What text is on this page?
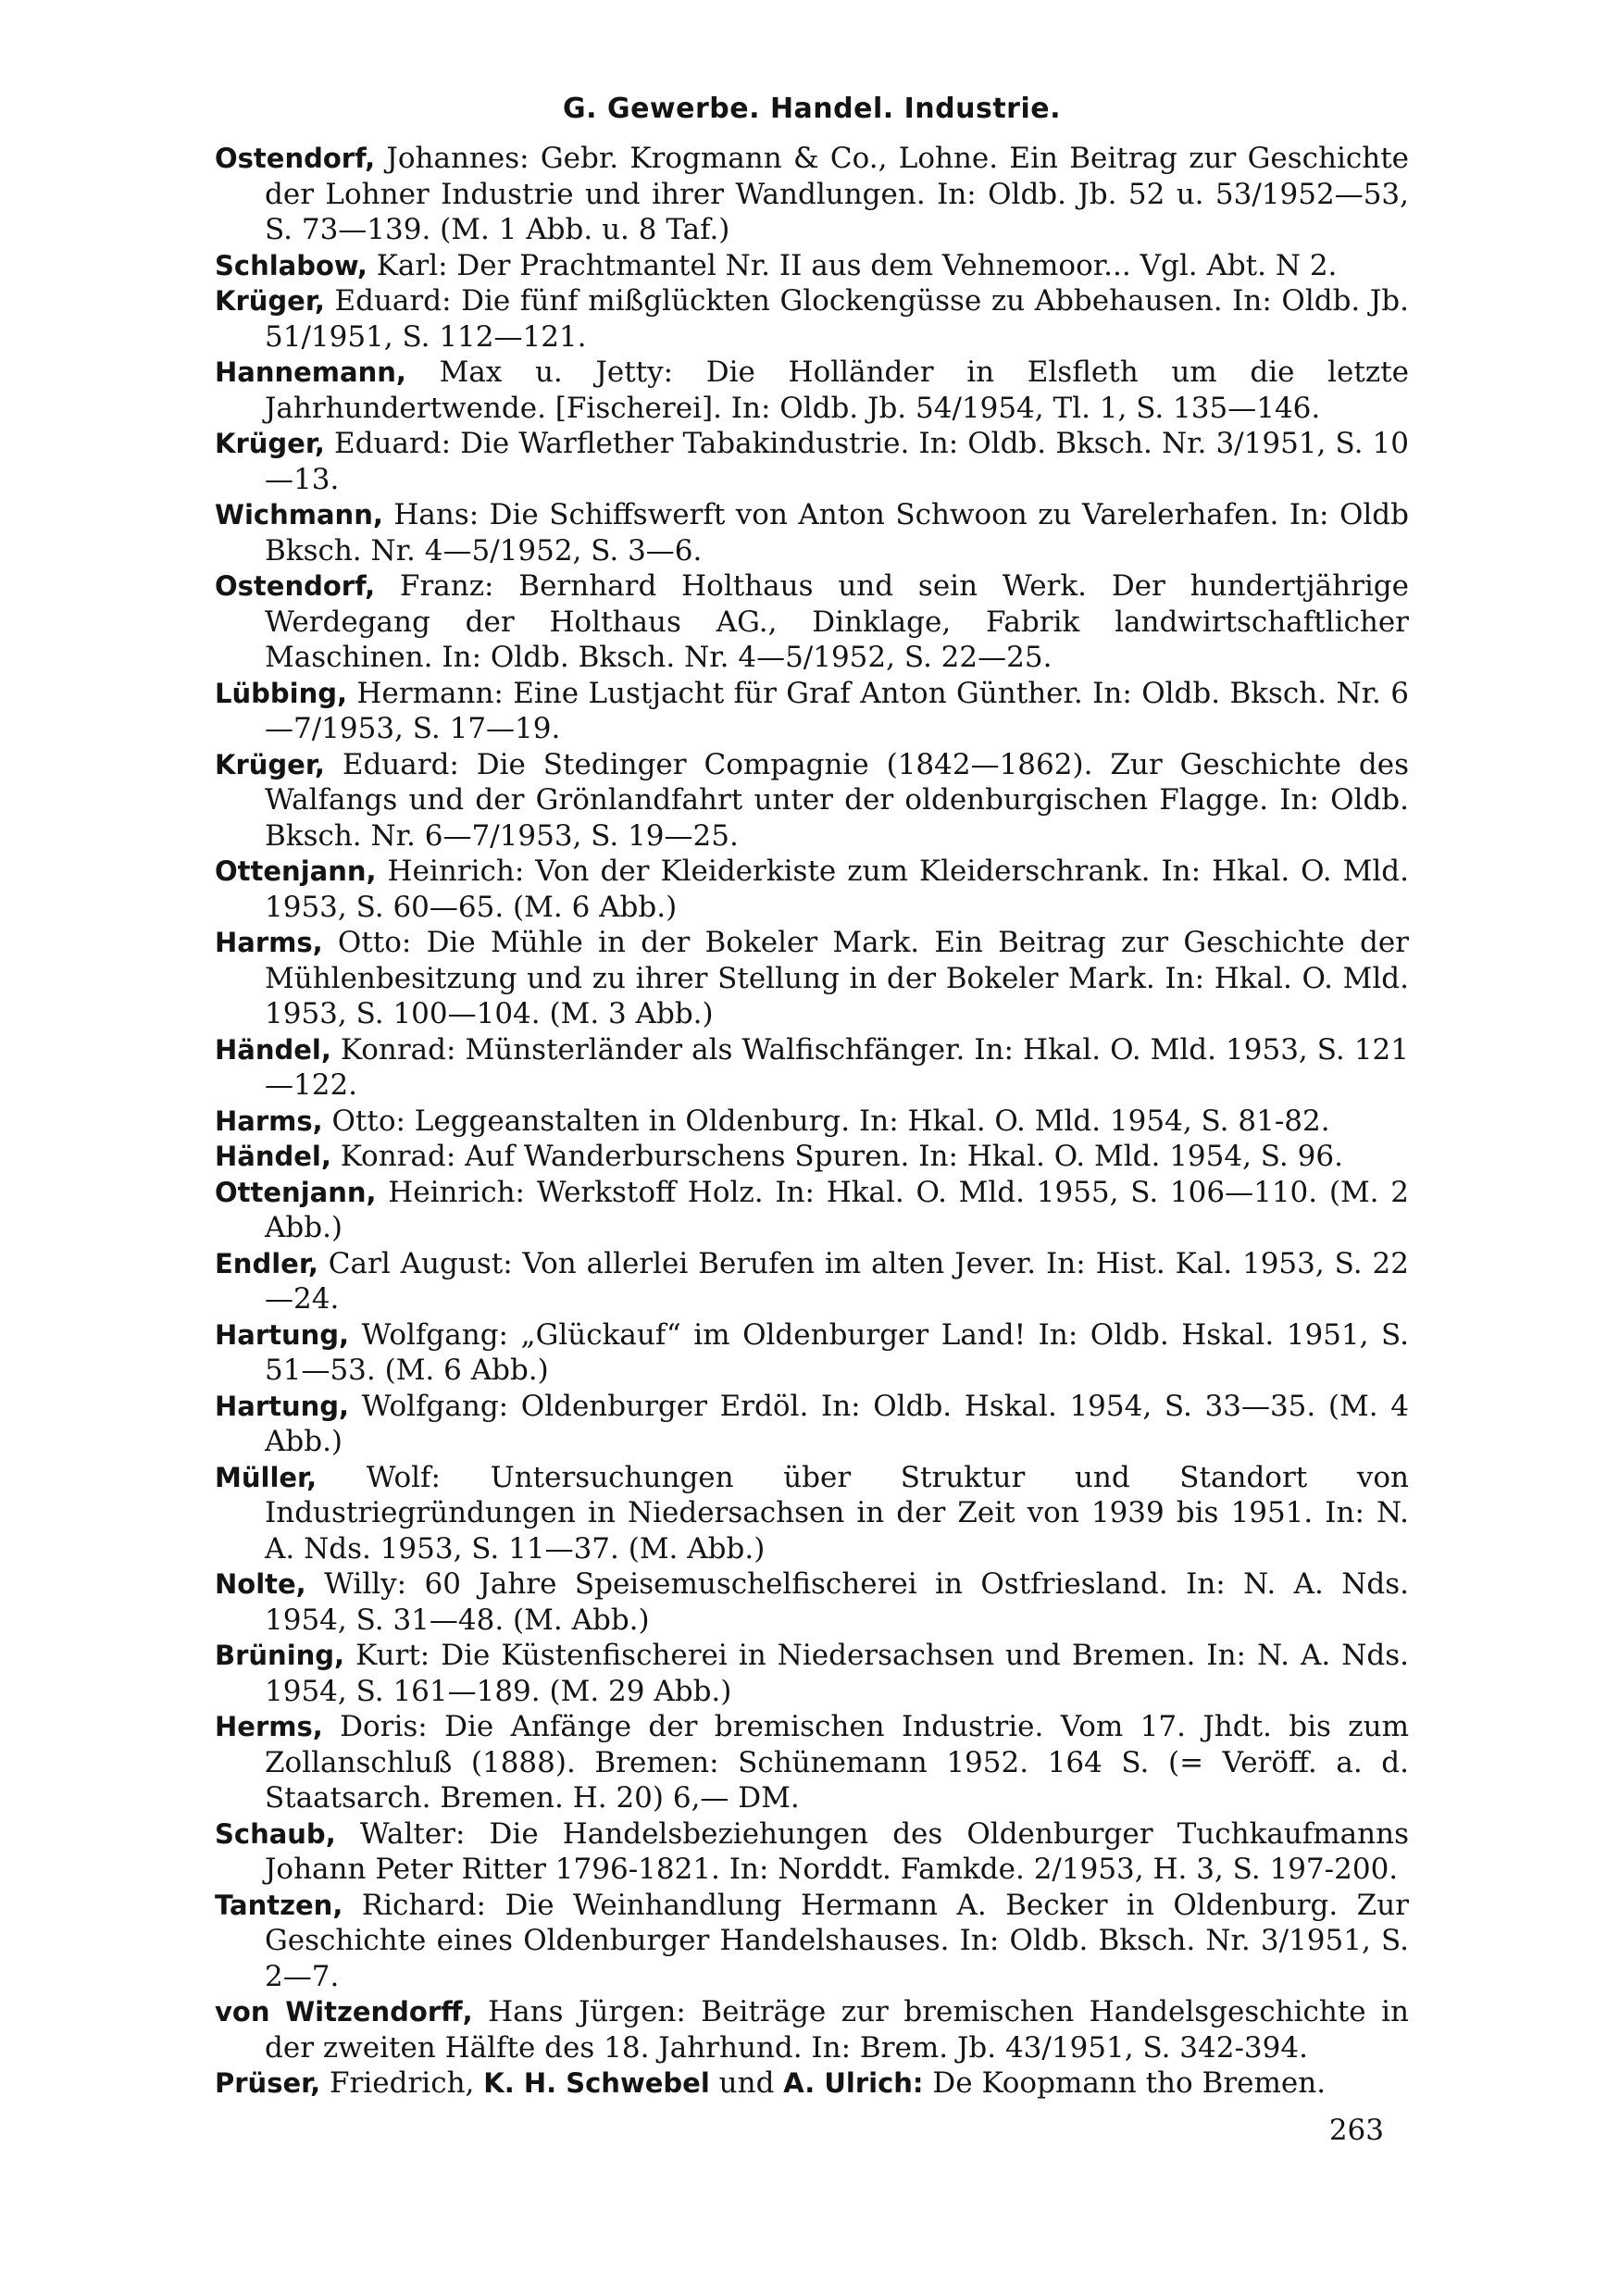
G. Gewerbe. Handel. Industrie.

Ostendorf, Johannes: Gebr. Krogmann & Co., Lohne. Ein Beitrag zur Geschichte der Lohner Industrie und ihrer Wandlungen. In: Oldb. Jb. 52 u. 53/1952—53, S. 73—139. (M. 1 Abb. u. 8 Taf.)

Schlabow, Karl: Der Prachtmantel Nr. II aus dem Vehnemoor... Vgl. Abt. N 2.

Krüger, Eduard: Die fünf mißglückten Glockengüsse zu Abbehausen. In: Oldb. Jb. 51/1951, S. 112—121.

Hannemann, Max u. Jetty: Die Holländer in Elsfleth um die letzte Jahrhundertwende. [Fischerei]. In: Oldb. Jb. 54/1954, Tl. 1, S. 135—146.

Krüger, Eduard: Die Warflether Tabakindustrie. In: Oldb. Bksch. Nr. 3/1951, S. 10—13.

Wichmann, Hans: Die Schiffswerft von Anton Schwoon zu Varelerhafen. In: Oldb Bksch. Nr. 4—5/1952, S. 3—6.

Ostendorf, Franz: Bernhard Holthaus und sein Werk. Der hundertjährige Werdegang der Holthaus AG., Dinklage, Fabrik landwirtschaftlicher Maschinen. In: Oldb. Bksch. Nr. 4—5/1952, S. 22—25.

Lübbing, Hermann: Eine Lustjacht für Graf Anton Günther. In: Oldb. Bksch. Nr. 6—7/1953, S. 17—19.

Krüger, Eduard: Die Stedinger Compagnie (1842—1862). Zur Geschichte des Walfangs und der Grönlandfahrt unter der oldenburgischen Flagge. In: Oldb. Bksch. Nr. 6—7/1953, S. 19—25.

Ottenjann, Heinrich: Von der Kleiderkiste zum Kleiderschrank. In: Hkal. O. Mld. 1953, S. 60—65. (M. 6 Abb.)

Harms, Otto: Die Mühle in der Bokeler Mark. Ein Beitrag zur Geschichte der Mühlenbesitzung und zu ihrer Stellung in der Bokeler Mark. In: Hkal. O. Mld. 1953, S. 100—104. (M. 3 Abb.)

Händel, Konrad: Münsterländer als Walfischfänger. In: Hkal. O. Mld. 1953, S. 121—122.

Harms, Otto: Leggeanstalten in Oldenburg. In: Hkal. O. Mld. 1954, S. 81-82.

Händel, Konrad: Auf Wanderburschens Spuren. In: Hkal. O. Mld. 1954, S. 96.

Ottenjann, Heinrich: Werkstoff Holz. In: Hkal. O. Mld. 1955, S. 106—110. (M. 2 Abb.)

Endler, Carl August: Von allerlei Berufen im alten Jever. In: Hist. Kal. 1953, S. 22—24.

Hartung, Wolfgang: „Glückauf“ im Oldenburger Land! In: Oldb. Hskal. 1951, S. 51—53. (M. 6 Abb.)

Hartung, Wolfgang: Oldenburger Erdöl. In: Oldb. Hskal. 1954, S. 33—35. (M. 4 Abb.)

Müller, Wolf: Untersuchungen über Struktur und Standort von Industriegründungen in Niedersachsen in der Zeit von 1939 bis 1951. In: N. A. Nds. 1953, S. 11—37. (M. Abb.)

Nolte, Willy: 60 Jahre Speisemuschelfischerei in Ostfriesland. In: N. A. Nds. 1954, S. 31—48. (M. Abb.)

Brüning, Kurt: Die Küstenfischerei in Niedersachsen und Bremen. In: N. A. Nds. 1954, S. 161—189. (M. 29 Abb.)

Herms, Doris: Die Anfänge der bremischen Industrie. Vom 17. Jhdt. bis zum Zollanschluß (1888). Bremen: Schünemann 1952. 164 S. (= Veröff. a. d. Staatsarch. Bremen. H. 20) 6,— DM.

Schaub, Walter: Die Handelsbeziehungen des Oldenburger Tuchkaufmanns Johann Peter Ritter 1796-1821. In: Norddt. Famkde. 2/1953, H. 3, S. 197-200.

Tantzen, Richard: Die Weinhandlung Hermann A. Becker in Oldenburg. Zur Geschichte eines Oldenburger Handelshauses. In: Oldb. Bksch. Nr. 3/1951, S. 2—7.

von Witzendorff, Hans Jürgen: Beiträge zur bremischen Handelsgeschichte in der zweiten Hälfte des 18. Jahrhund. In: Brem. Jb. 43/1951, S. 342-394.

Prüser, Friedrich, K. H. Schwebel und A. Ulrich: De Koopmann tho Bremen.

263
